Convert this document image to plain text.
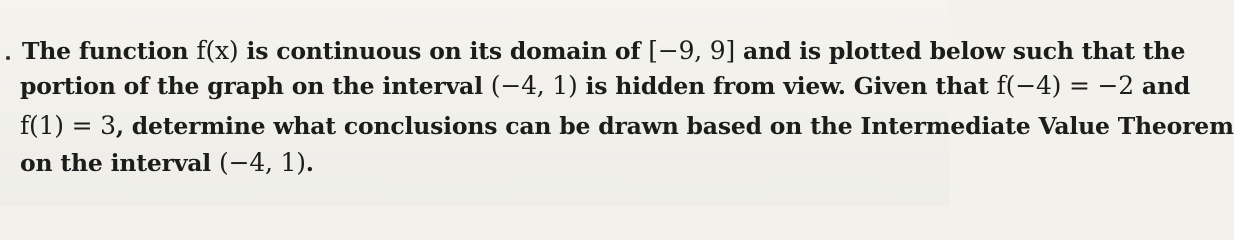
The function f(x) is continuous on its domain of [−9, 9] and is plotted below such that the
portion of the graph on the interval (−4, 1) is hidden from view. Given that f(−4) = −2 and
f(1) = 3, determine what conclusions can be drawn based on the Intermediate Value Theorem
on the interval (−4, 1).
